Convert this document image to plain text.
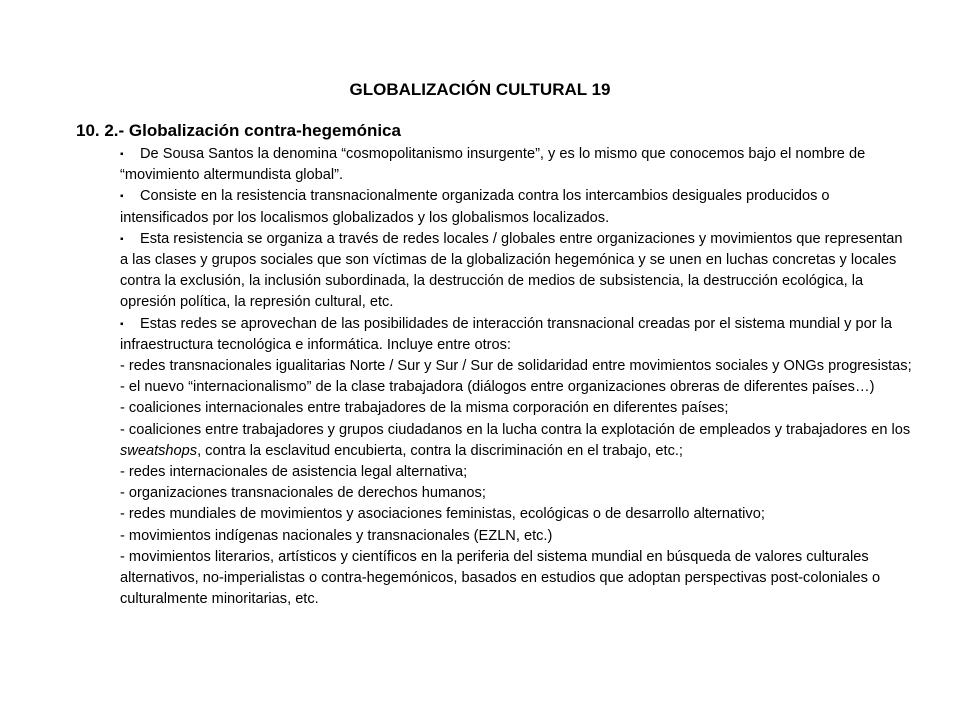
GLOBALIZACIÓN CULTURAL 19
10. 2.- Globalización contra-hegemónica

▪ De Sousa Santos la denomina “cosmopolitanismo insurgente”, y es lo mismo que conocemos bajo el nombre de “movimiento altermundista global”.

▪ Consiste en la resistencia transnacionalmente organizada contra los intercambios desiguales producidos o intensificados por los localismos globalizados y los globalismos localizados.

▪ Esta resistencia se organiza a través de redes locales / globales entre organizaciones y movimientos que representan a las clases y grupos sociales que son víctimas de la globalización hegemónica y se unen en luchas concretas y locales contra la exclusión, la inclusión subordinada, la destrucción de medios de subsistencia, la destrucción ecológica, la opresión política, la represión cultural, etc.

▪ Estas redes se aprovechan de las posibilidades de interacción transnacional creadas por el sistema mundial y por la infraestructura tecnológica e informática. Incluye entre otros:

- redes transnacionales igualitarias Norte / Sur y Sur / Sur de solidaridad entre movimientos sociales y ONGs progresistas;

- el nuevo “internacionalismo” de la clase trabajadora (diálogos entre organizaciones obreras de diferentes países…)

- coaliciones internacionales entre trabajadores de la misma corporación en diferentes países;

- coaliciones entre trabajadores y grupos ciudadanos en la lucha contra la explotación de empleados y trabajadores en los sweatshops, contra la esclavitud encubierta, contra la discriminación en el trabajo, etc.;

- redes internacionales de asistencia legal alternativa;

- organizaciones transnacionales de derechos humanos;

- redes mundiales de movimientos y asociaciones feministas, ecológicas o de desarrollo alternativo;

- movimientos indígenas nacionales y transnacionales (EZLN, etc.)

- movimientos literarios, artísticos y científicos en la periferia del sistema mundial en búsqueda de valores culturales alternativos, no-imperialistas o contra-hegemónicos, basados en estudios que adoptan perspectivas post-coloniales o culturalmente minoritarias, etc.
